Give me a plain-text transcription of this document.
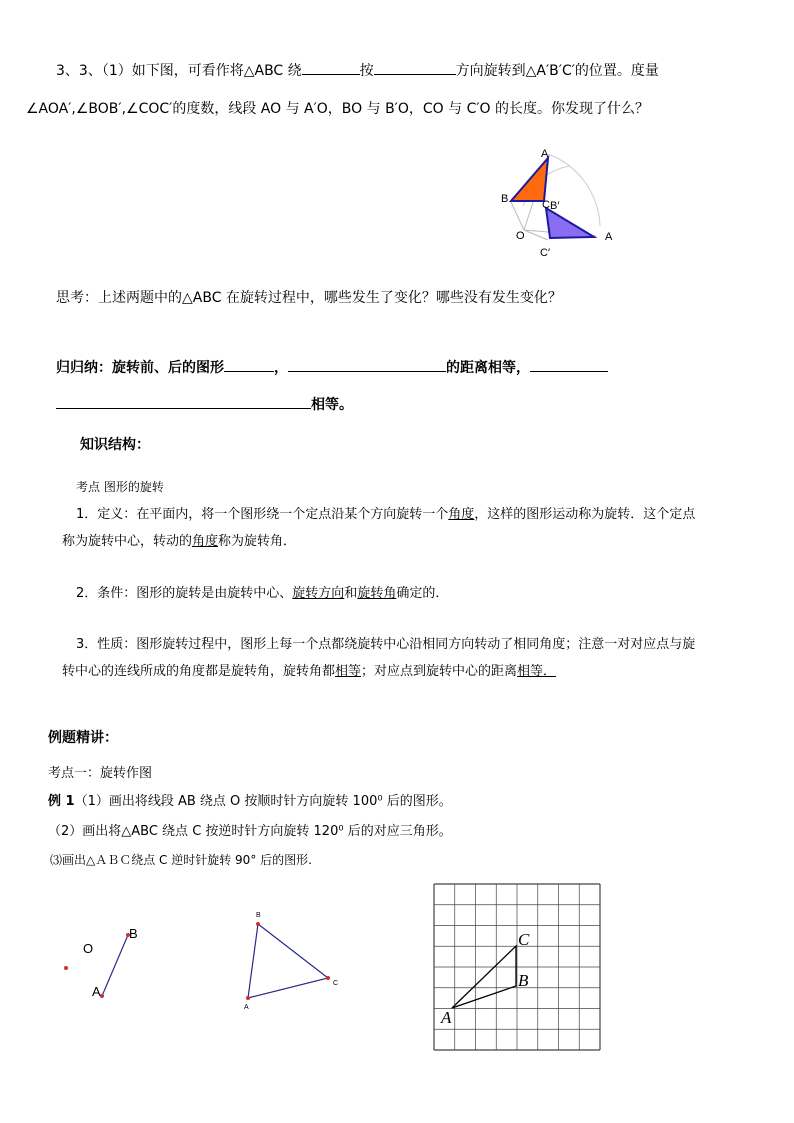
3、3、（1）如下图，可看作将△ABC 绕	按	方向旋转到△A′B′C′的位置。度量
∠AOA′,∠BOB′,∠COC′的度数，线段 AO 与 A′O，BO 与 B′O，CO 与 C′O 的长度。你发现了什么？
A
B	C B′
O
C′
A
思考：上述两题中的△ABC 在旋转过程中，哪些发生了变化？哪些没有发生变化？
归归纳：旋转前、后的图形	，	的距离相等，
相等。
知识结构：
考点 图形的旋转
1．定义：在平面内，将一个图形绕一个定点沿某个方向旋转一个角度，这样的图形运动称为旋转．这个定点
称为旋转中心，转动的角度称为旋转角．
2．条件：图形的旋转是由旋转中心、旋转方向和旋转角确定的．
3．性质：图形旋转过程中，图形上每一个点都绕旋转中心沿相同方向转动了相同角度；注意一对对应点与旋
转中心的连线所成的角度都是旋转角，旋转角都相等；对应点到旋转中心的距离相等．
例题精讲：
考点一：旋转作图
例 1（1）画出将线段 AB 绕点 O 按顺时针方向旋转 100⁰ 后的图形。
（2）画出将△ABC 绕点 C 按逆时针方向旋转 120⁰ 后的对应三角形。
⑶画出△ＡＢＣ绕点 C 逆时针旋转 90° 后的图形.
O
B
A
B
A
C
C
B
A
